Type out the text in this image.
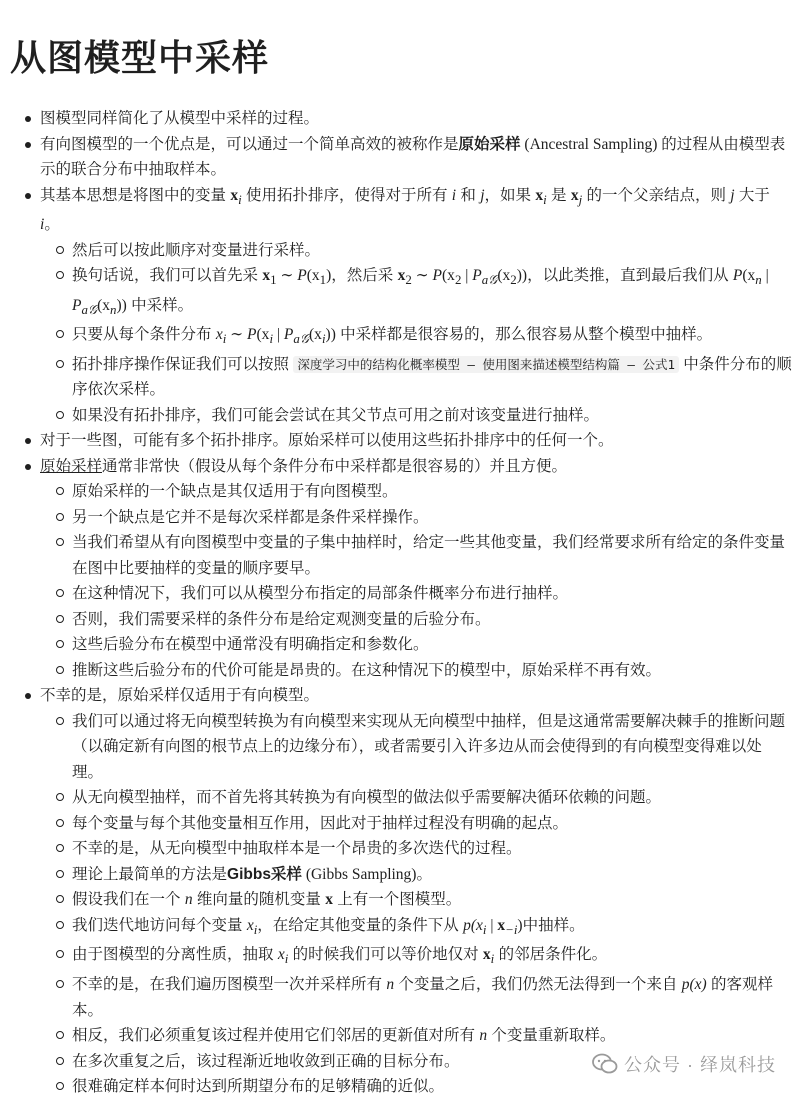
从图模型中采样
图模型同样简化了从模型中采样的过程。
有向图模型的一个优点是，可以通过一个简单高效的被称作是原始采样 (Ancestral Sampling) 的过程从由模型表示的联合分布中抽取样本。
其基本思想是将图中的变量 $x_i$ 使用拓扑排序，使得对于所有 i 和 j，如果 $x_i$ 是 $x_j$ 的一个父亲结点，则 j 大于 i。
然后可以按此顺序对变量进行采样。
换句话说，我们可以首先采 $x_1$ ∼ $P(x_1)$，然后采 $x_2$ ∼ $P(x_2$ | $P_{a𝒢}(x_2)$)，以此类推，直到最后我们从 $P(x_n$ | $P_{a𝒢}(x_n)$) 中采样。
只要从每个条件分布 $x_i$ ∼ $P(x_i$ | $P_{a𝒢}(x_i)$) 中采样都是很容易的，那么很容易从整个模型中抽样。
拓扑排序操作保证我们可以按照 深度学习中的结构化概率模型 – 使用图来描述模型结构篇 – 公式1 中条件分布的顺序依次采样。
如果没有拓扑排序，我们可能会尝试在其父节点可用之前对该变量进行抽样。
对于一些图，可能有多个拓扑排序。原始采样可以使用这些拓扑排序中的任何一个。
原始采样通常非常快（假设从每个条件分布中采样都是很容易的）并且方便。
原始采样的一个缺点是其仅适用于有向图模型。
另一个缺点是它并不是每次采样都是条件采样操作。
当我们希望从有向图模型中变量的子集中抽样时，给定一些其他变量，我们经常要求所有给定的条件变量在图中比要抽样的变量的顺序要早。
在这种情况下，我们可以从模型分布指定的局部条件概率分布进行抽样。
否则，我们需要采样的条件分布是给定观测变量的后验分布。
这些后验分布在模型中通常没有明确指定和参数化。
推断这些后验分布的代价可能是昂贵的。在这种情况下的模型中，原始采样不再有效。
不幸的是，原始采样仅适用于有向模型。
我们可以通过将无向模型转换为有向模型来实现从无向模型中抽样，但是这通常需要解决棘手的推断问题（以确定新有向图的根节点上的边缘分布），或者需要引入许多边从而会使得到的有向模型变得难以处理。
从无向模型抽样，而不首先将其转换为有向模型的做法似乎需要解决循环依赖的问题。
每个变量与每个其他变量相互作用，因此对于抽样过程没有明确的起点。
不幸的是，从无向模型中抽取样本是一个昂贵的多次迭代的过程。
理论上最简单的方法是Gibbs采样 (Gibbs Sampling)。
假设我们在一个 n 维向量的随机变量 x 上有一个图模型。
我们迭代地访问每个变量 $x_i$，在给定其他变量的条件下从 $p(x_i$ | $x_{-i}$)中抽样。
由于图模型的分离性质，抽取 $x_i$ 的时候我们可以等价地仅对 $x_i$ 的邻居条件化。
不幸的是，在我们遍历图模型一次并采样所有 n 个变量之后，我们仍然无法得到一个来自 p(x) 的客观样本。
相反，我们必须重复该过程并使用它们邻居的更新值对所有 n 个变量重新取样。
在多次重复之后，该过程渐近地收敛到正确的目标分布。
很难确定样本何时达到所期望分布的足够精确的近似。
公众号 · 绎岚科技
